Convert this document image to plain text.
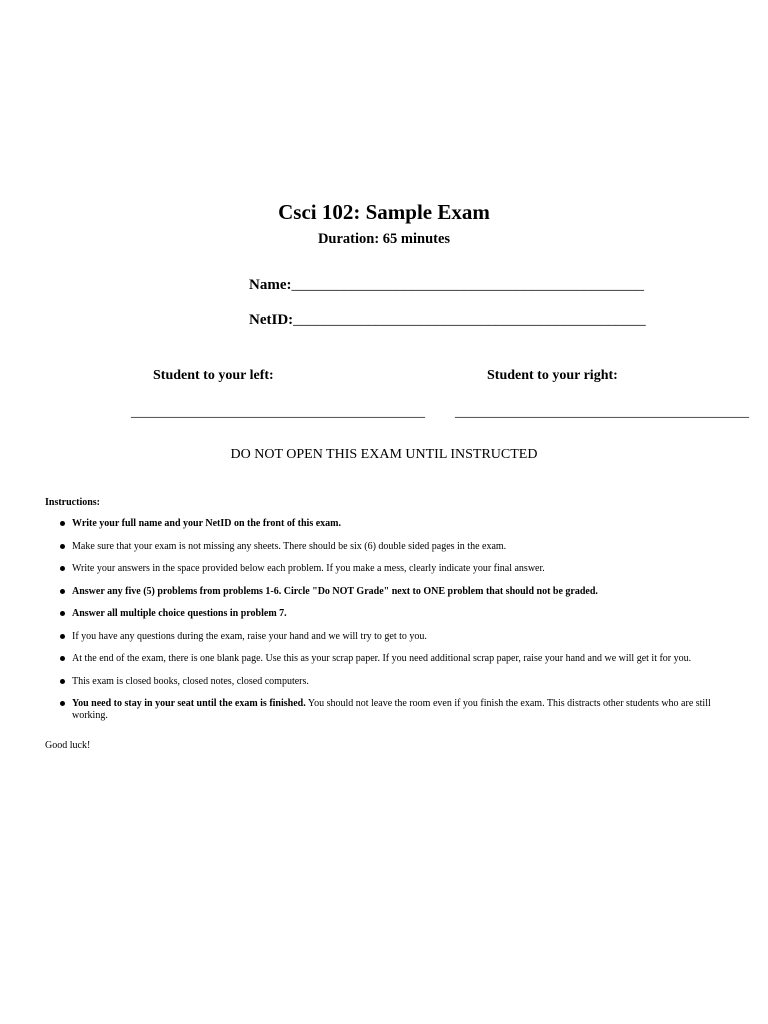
Csci 102: Sample Exam
Duration: 65 minutes
Name:_______________________________________________
NetID:_______________________________________________
Student to your left:	Student to your right:
__________________________________________ __________________________________________
DO NOT OPEN THIS EXAM UNTIL INSTRUCTED
Instructions:
Write your full name and your NetID on the front of this exam.
Make sure that your exam is not missing any sheets. There should be six (6) double sided pages in the exam.
Write your answers in the space provided below each problem. If you make a mess, clearly indicate your final answer.
Answer any five (5) problems from problems 1-6. Circle "Do NOT Grade" next to ONE problem that should not be graded.
Answer all multiple choice questions in problem 7.
If you have any questions during the exam, raise your hand and we will try to get to you.
At the end of the exam, there is one blank page. Use this as your scrap paper. If you need additional scrap paper, raise your hand and we will get it for you.
This exam is closed books, closed notes, closed computers.
You need to stay in your seat until the exam is finished. You should not leave the room even if you finish the exam. This distracts other students who are still working.
Good luck!
